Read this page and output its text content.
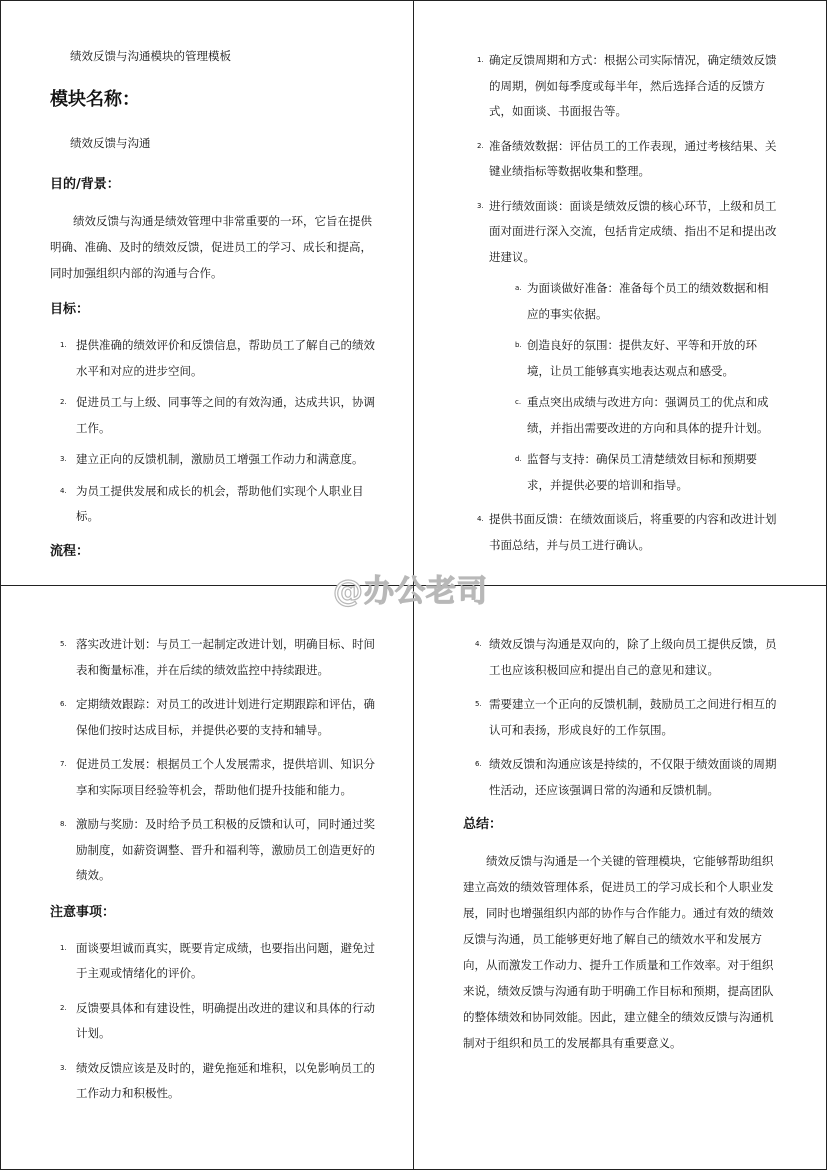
绩效反馈与沟通模块的管理模板

模块名称：

绩效反馈与沟通

目的/背景：

绩效反馈与沟通是绩效管理中非常重要的一环，它旨在提供明确、准确、及时的绩效反馈，促进员工的学习、成长和提高，同时加强组织内部的沟通与合作。

目标：

1. 提供准确的绩效评价和反馈信息，帮助员工了解自己的绩效水平和对应的进步空间。
2. 促进员工与上级、同事等之间的有效沟通，达成共识，协调工作。
3. 建立正向的反馈机制，激励员工增强工作动力和满意度。
4. 为员工提供发展和成长的机会，帮助他们实现个人职业目标。

流程：

1. 确定反馈周期和方式：根据公司实际情况，确定绩效反馈的周期，例如每季度或每半年，然后选择合适的反馈方式，如面谈、书面报告等。
2. 准备绩效数据：评估员工的工作表现，通过考核结果、关键业绩指标等数据收集和整理。
3. 进行绩效面谈：面谈是绩效反馈的核心环节，上级和员工面对面进行深入交流，包括肯定成绩、指出不足和提出改进建议。
a. 为面谈做好准备：准备每个员工的绩效数据和相应的事实依据。
b. 创造良好的氛围：提供友好、平等和开放的环境，让员工能够真实地表达观点和感受。
c. 重点突出成绩与改进方向：强调员工的优点和成绩，并指出需要改进的方向和具体的提升计划。
d. 监督与支持：确保员工清楚绩效目标和预期要求，并提供必要的培训和指导。
4. 提供书面反馈：在绩效面谈后，将重要的内容和改进计划书面总结，并与员工进行确认。
5. 落实改进计划：与员工一起制定改进计划，明确目标、时间表和衡量标准，并在后续的绩效监控中持续跟进。
6. 定期绩效跟踪：对员工的改进计划进行定期跟踪和评估，确保他们按时达成目标，并提供必要的支持和辅导。
7. 促进员工发展：根据员工个人发展需求，提供培训、知识分享和实际项目经验等机会，帮助他们提升技能和能力。
8. 激励与奖励：及时给予员工积极的反馈和认可，同时通过奖励制度，如薪资调整、晋升和福利等，激励员工创造更好的绩效。

注意事项：

1. 面谈要坦诚而真实，既要肯定成绩，也要指出问题，避免过于主观或情绪化的评价。
2. 反馈要具体和有建设性，明确提出改进的建议和具体的行动计划。
3. 绩效反馈应该是及时的，避免拖延和堆积，以免影响员工的工作动力和积极性。
4. 绩效反馈与沟通是双向的，除了上级向员工提供反馈，员工也应该积极回应和提出自己的意见和建议。
5. 需要建立一个正向的反馈机制，鼓励员工之间进行相互的认可和表扬，形成良好的工作氛围。
6. 绩效反馈和沟通应该是持续的，不仅限于绩效面谈的周期性活动，还应该强调日常的沟通和反馈机制。

总结：

绩效反馈与沟通是一个关键的管理模块，它能够帮助组织建立高效的绩效管理体系，促进员工的学习成长和个人职业发展，同时也增强组织内部的协作与合作能力。通过有效的绩效反馈与沟通，员工能够更好地了解自己的绩效水平和发展方向，从而激发工作动力、提升工作质量和工作效率。对于组织来说，绩效反馈与沟通有助于明确工作目标和预期，提高团队的整体绩效和协同效能。因此，建立健全的绩效反馈与沟通机制对于组织和员工的发展都具有重要意义。

@办公老司
